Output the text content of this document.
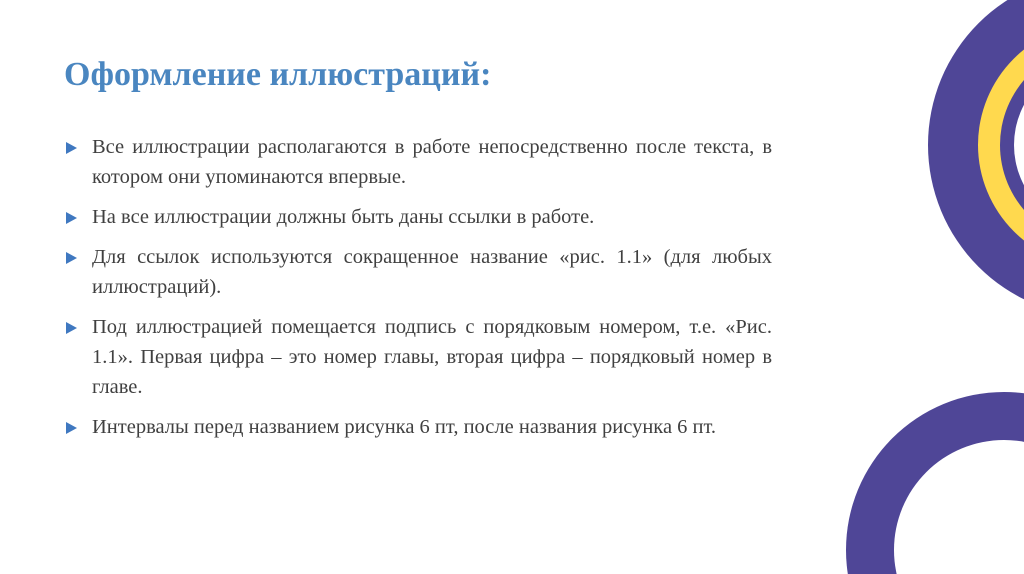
Оформление иллюстраций:
Все иллюстрации располагаются в работе непосредственно после текста, в котором они упоминаются впервые.
На все иллюстрации должны быть даны ссылки в работе.
Для ссылок используются сокращенное название «рис. 1.1» (для любых иллюстраций).
Под иллюстрацией помещается подпись с порядковым номером, т.е. «Рис. 1.1». Первая цифра – это номер главы, вторая цифра – порядковый номер в главе.
Интервалы перед названием рисунка 6 пт, после названия рисунка 6 пт.
